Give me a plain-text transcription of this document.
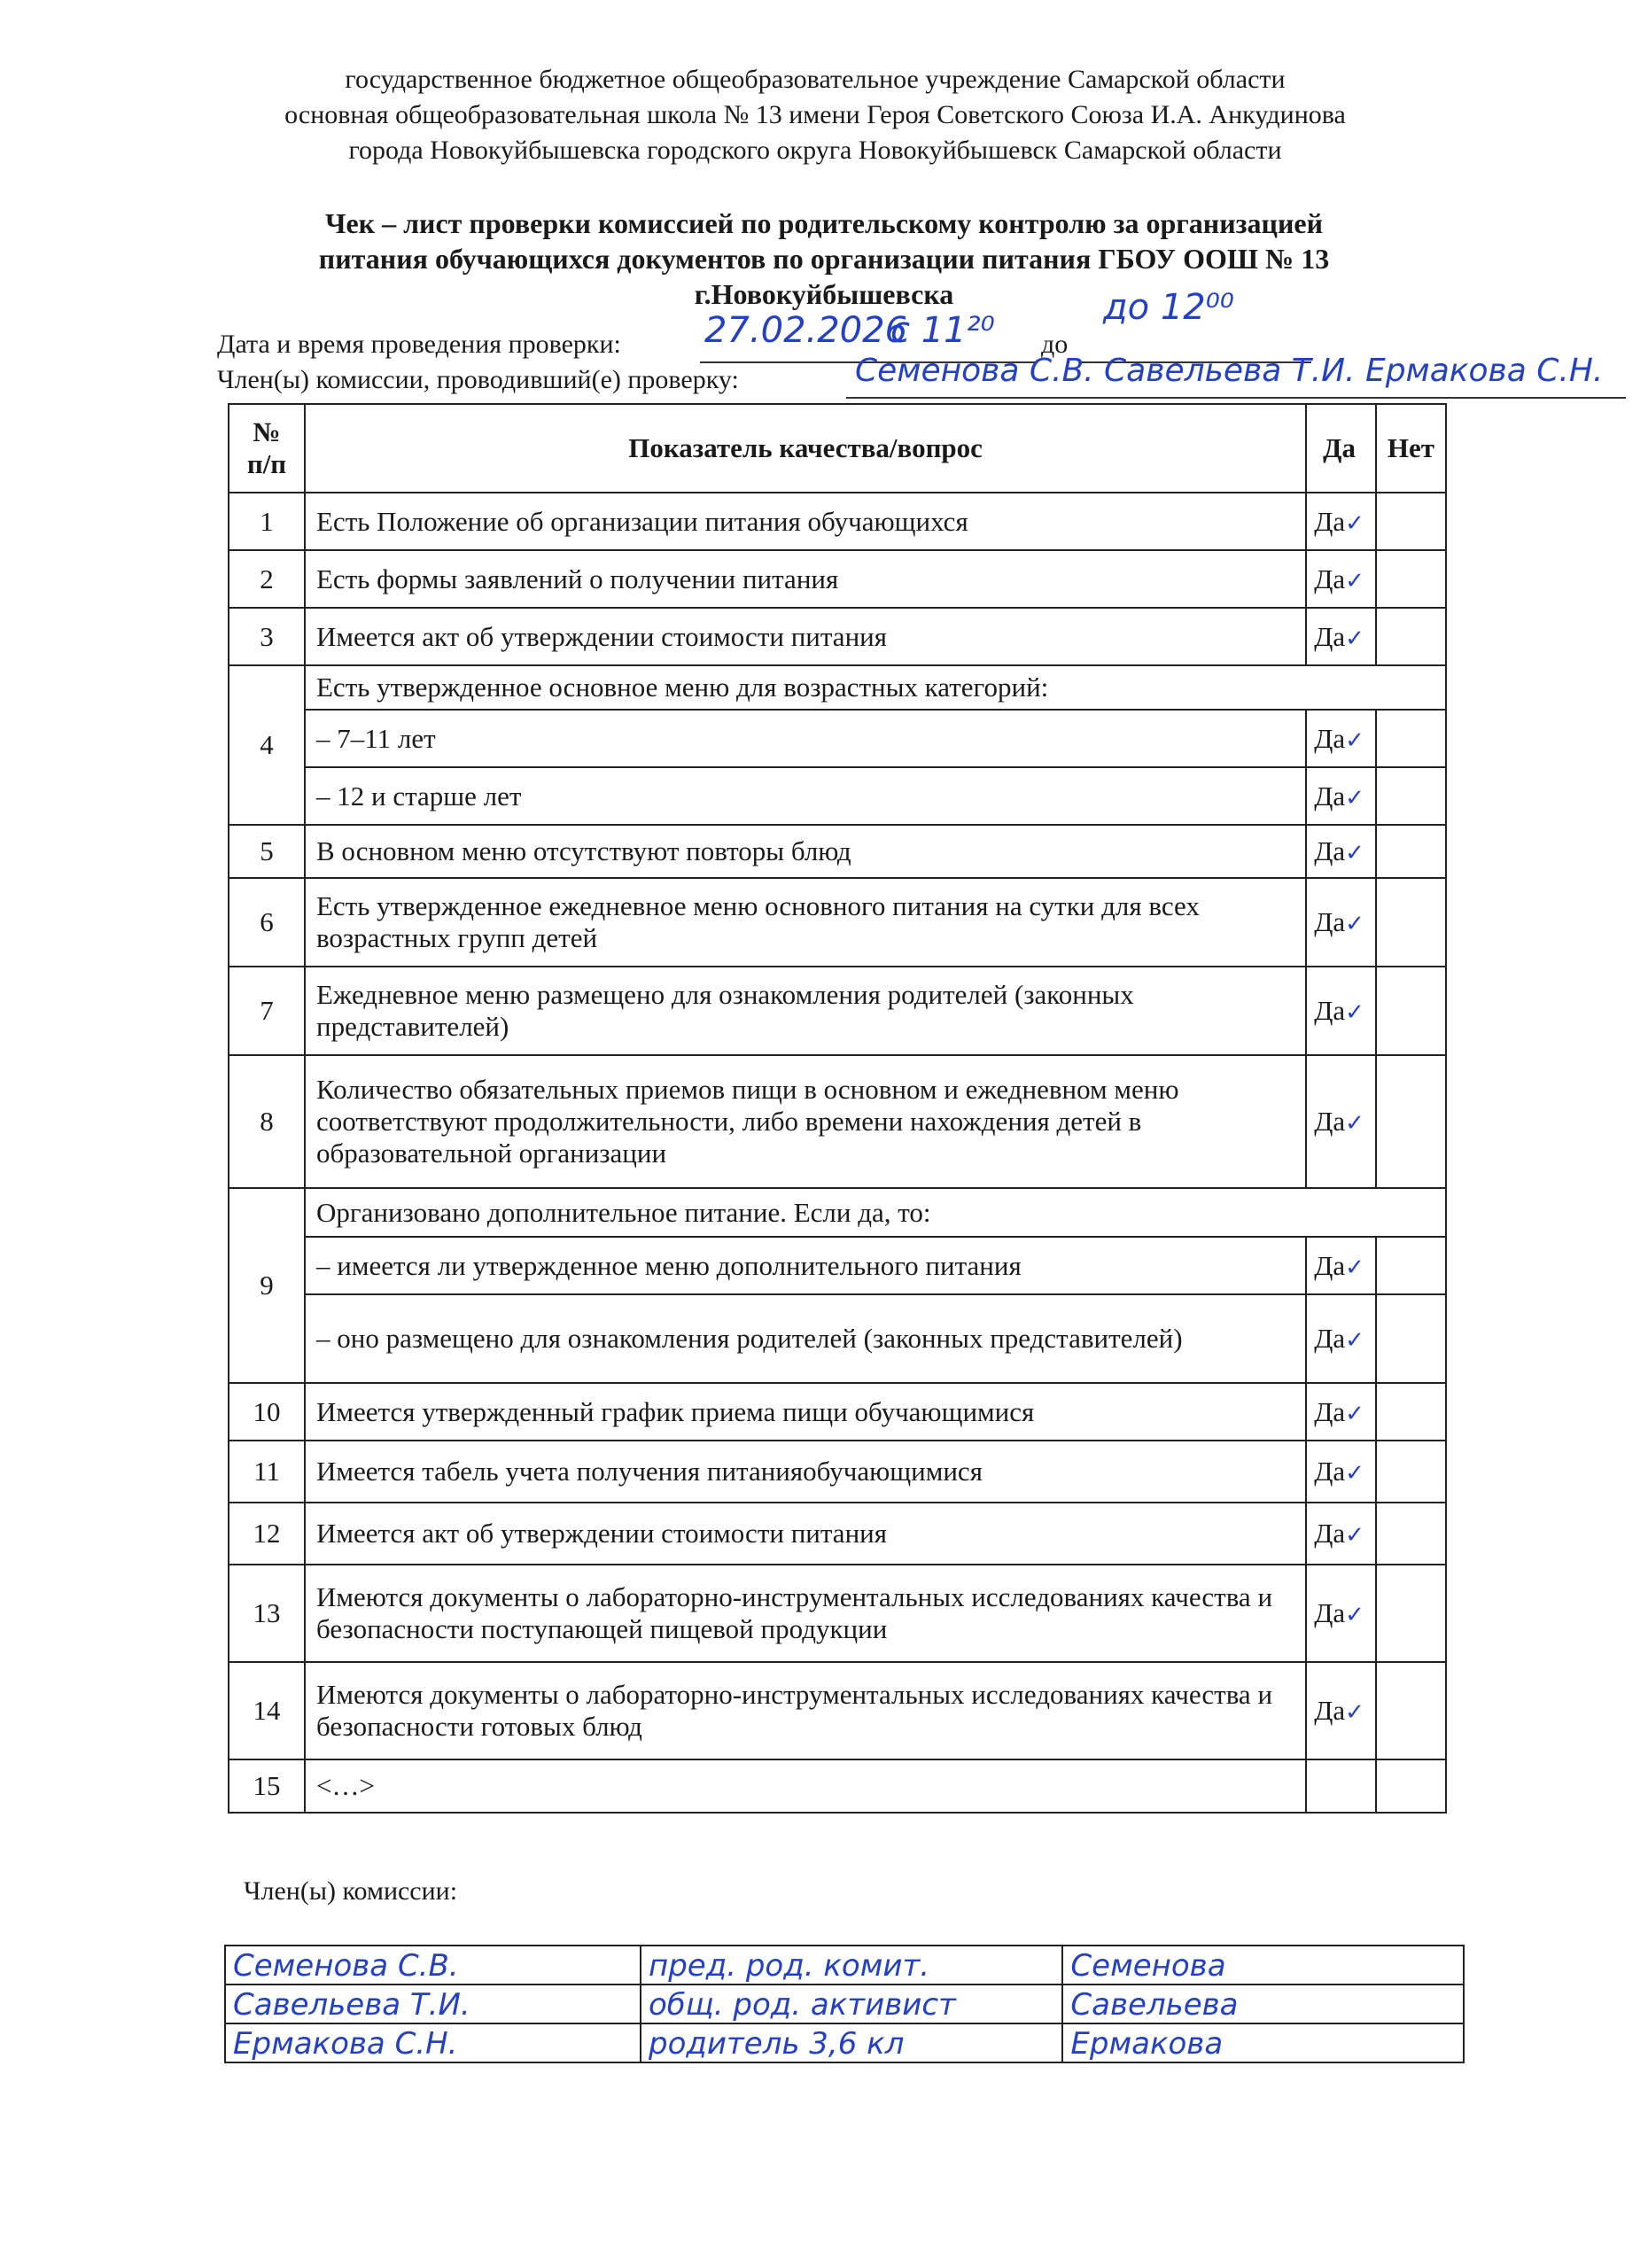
государственное бюджетное общеобразовательное учреждение Самарской области
основная общеобразовательная школа № 13 имени Героя Советского Союза И.А. Анкудинова
города Новокуйбышевска городского округа Новокуйбышевск Самарской области
Чек – лист проверки комиссией по родительскому контролю за организацией
питания обучающихся документов по организации питания ГБОУ ООШ № 13
г.Новокуйбышевска
Дата и время проведения проверки: 27.02.2026
с 11²⁰ до
до 12⁰⁰
Член(ы) комиссии, проводивший(е) проверку:	Семенова С.В. Савельева Т.И. Ермакова С.Н.
№ п/п	Показатель качества/вопрос	Да	Нет
1	Есть Положение об организации питания обучающихся	Да✓	
2	Есть формы заявлений о получении питания	Да✓	
3	Имеется акт об утверждении стоимости питания	Да✓	
4	Есть утвержденное основное меню для возрастных категорий:		
	– 7–11 лет	Да✓	
	– 12 и старше лет	Да✓	
5	В основном меню отсутствуют повторы блюд	Да✓	
6	Есть утвержденное ежедневное меню основного питания на сутки для всех возрастных групп детей	Да✓	
7	Ежедневное меню размещено для ознакомления родителей (законных представителей)	Да✓	
8	Количество обязательных приемов пищи в основном и ежедневном меню соответствуют продолжительности, либо времени нахождения детей в образовательной организации	Да✓	
9	Организовано дополнительное питание. Если да, то:		
	– имеется ли утвержденное меню дополнительного питания	Да✓	
	– оно размещено для ознакомления родителей (законных представителей)	Да✓	
10	Имеется утвержденный график приема пищи обучающимися	Да✓	
11	Имеется табель учета получения питанияобучающимися	Да✓	
12	Имеется акт об утверждении стоимости питания	Да✓	
13	Имеются документы о лабораторно-инструментальных исследованиях качества и безопасности поступающей пищевой продукции	Да✓	
14	Имеются документы о лабораторно-инструментальных исследованиях качества и безопасности готовых блюд	Да✓	
15	<…>		
Член(ы) комиссии:
Семенова С.В.	пред. род. комит.	Семенова
Савельева Т.И.	общ. род. активист	Савельева
Ермакова С.Н.	родитель 3,6 кл	Ермакова
